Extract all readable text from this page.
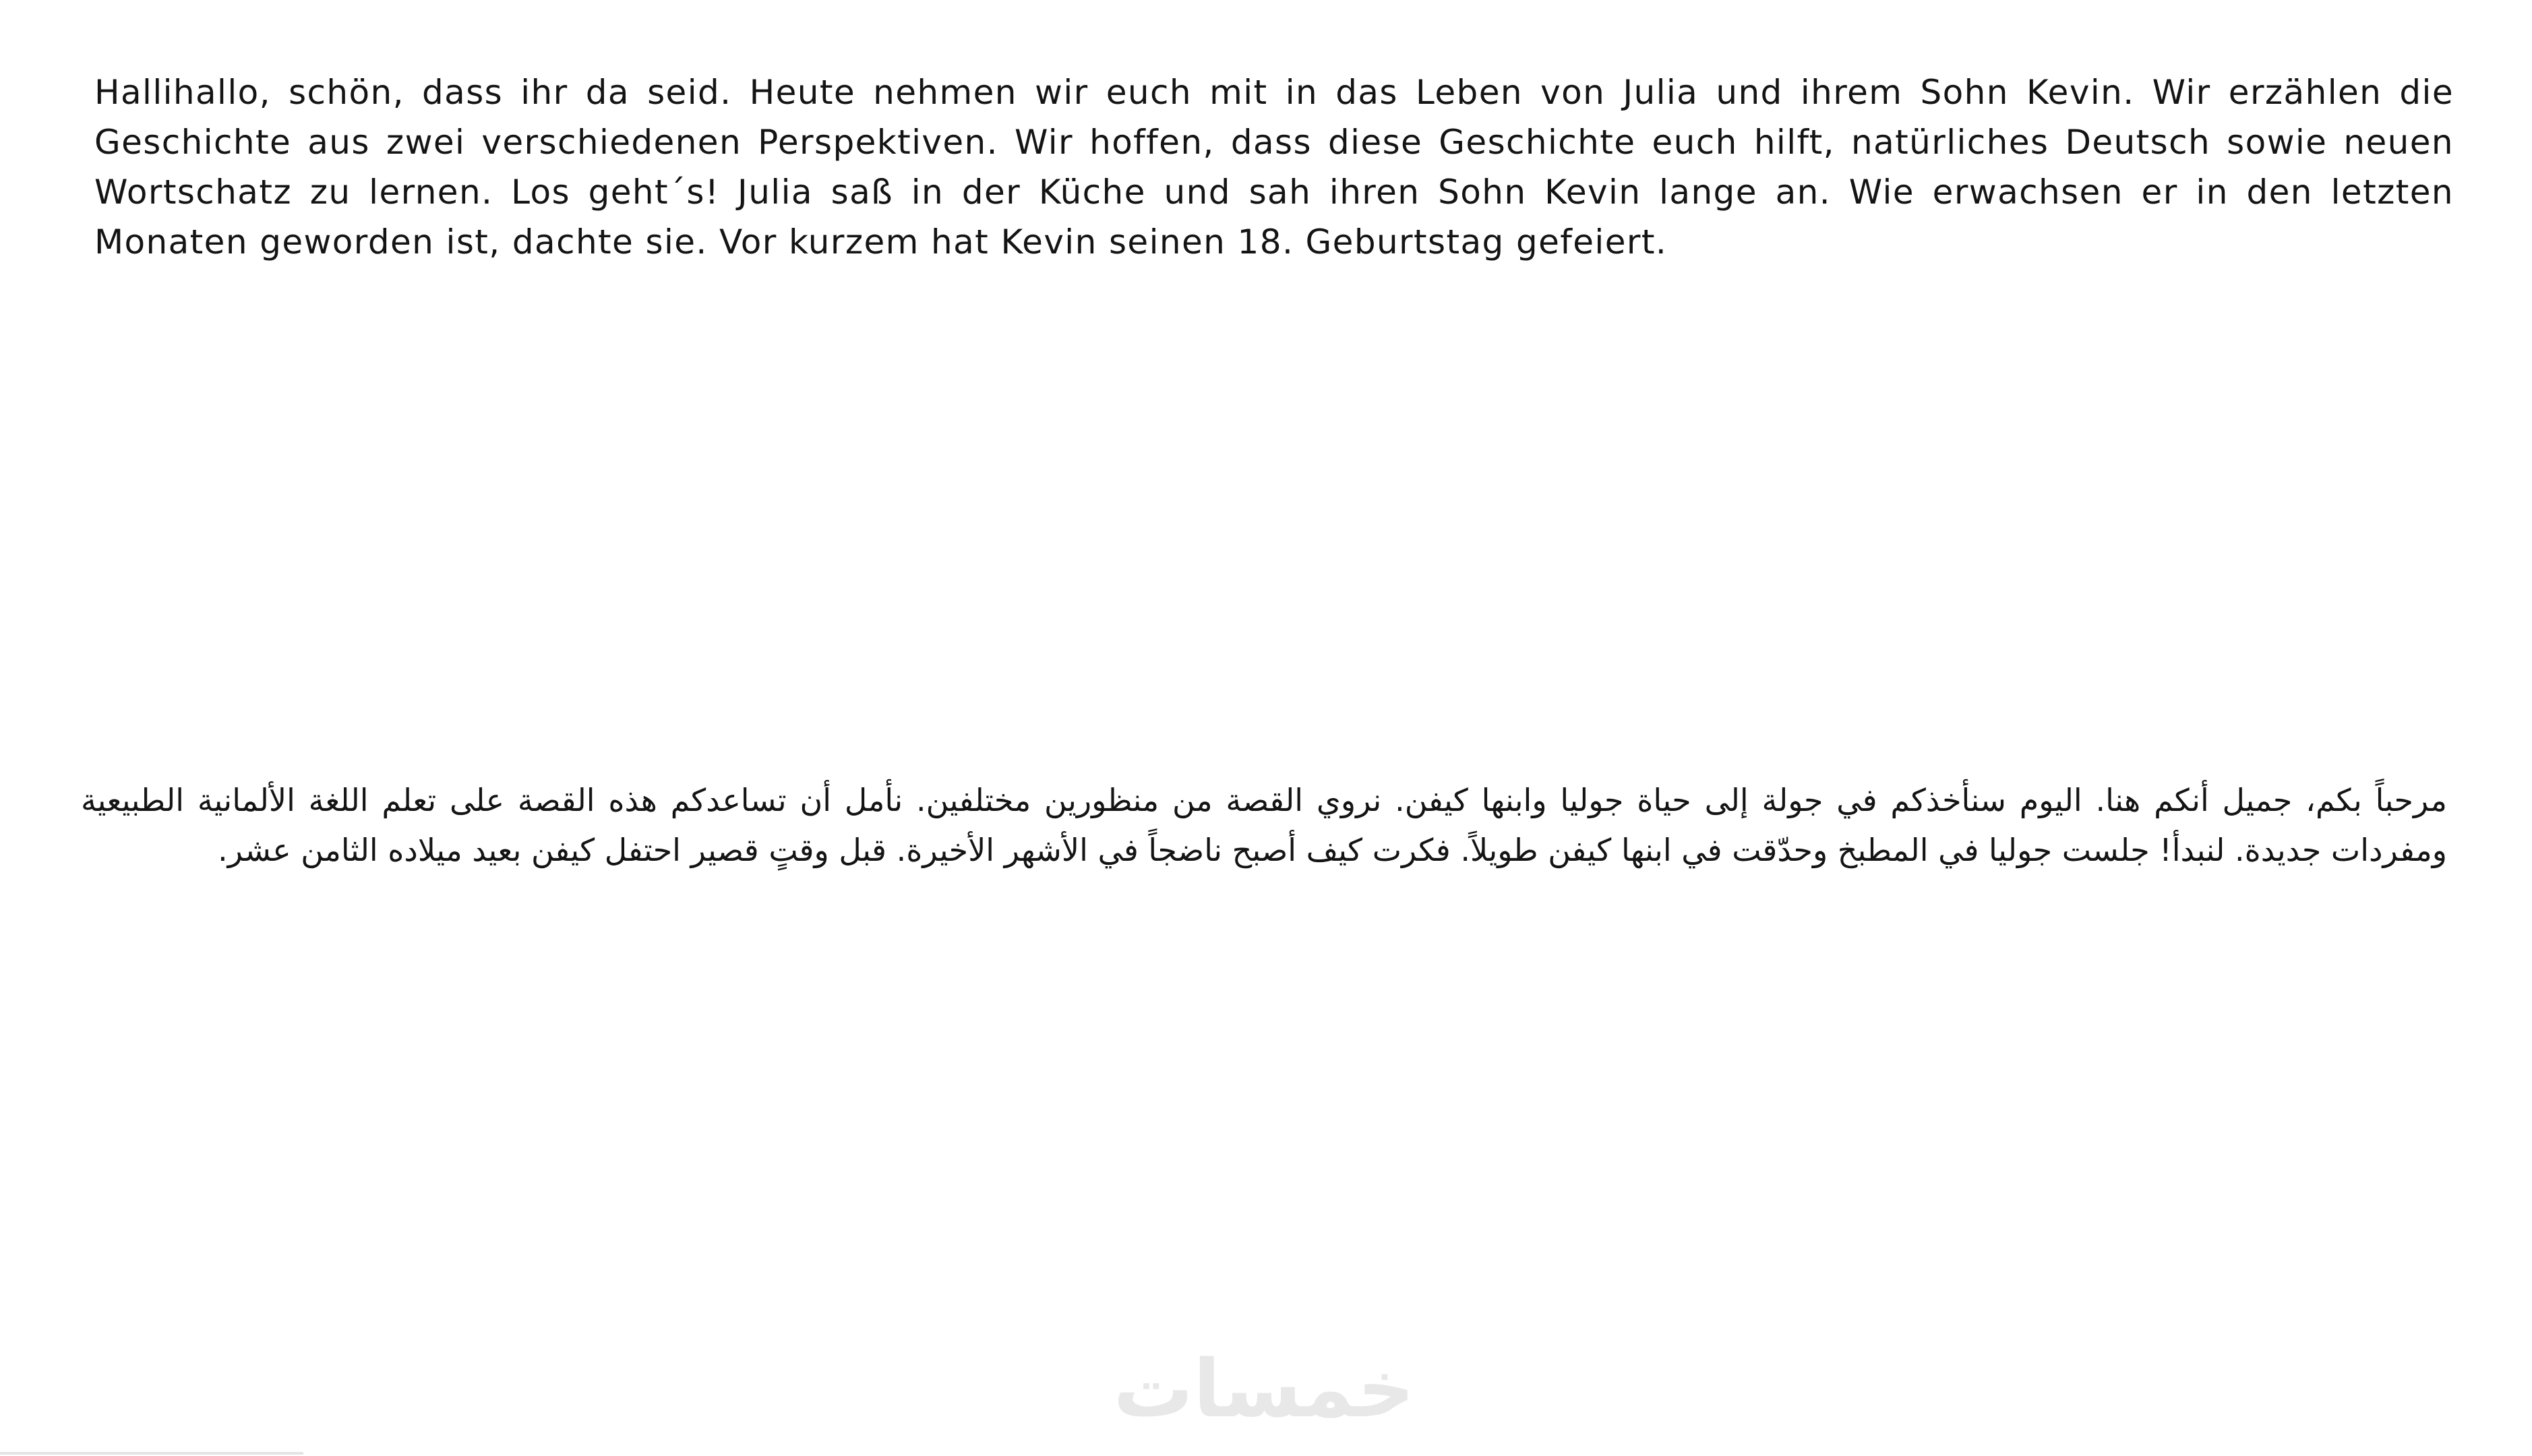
Hallihallo, schön, dass ihr da seid. Heute nehmen wir euch mit in das Leben von Julia und ihrem Sohn Kevin. Wir erzählen die Geschichte aus zwei verschiedenen Perspektiven. Wir hoffen, dass diese Geschichte euch hilft, natürliches Deutsch sowie neuen Wortschatz zu lernen. Los geht´s! Julia saß in der Küche und sah ihren Sohn Kevin lange an. Wie erwachsen er in den letzten Monaten geworden ist, dachte sie. Vor kurzem hat Kevin seinen 18. Geburtstag gefeiert.

مرحباً بكم، جميل أنكم هنا. اليوم سنأخذكم في جولة إلى حياة جوليا وابنها كيفن. نروي القصة من منظورين مختلفين. نأمل أن تساعدكم هذه القصة على تعلم اللغة الألمانية الطبيعية ومفردات جديدة. لنبدأ! جلست جوليا في المطبخ وحدّقت في ابنها كيفن طويلاً. فكرت كيف أصبح ناضجاً في الأشهر الأخيرة. قبل وقتٍ قصير احتفل كيفن بعيد ميلاده الثامن عشر.

خمسات
